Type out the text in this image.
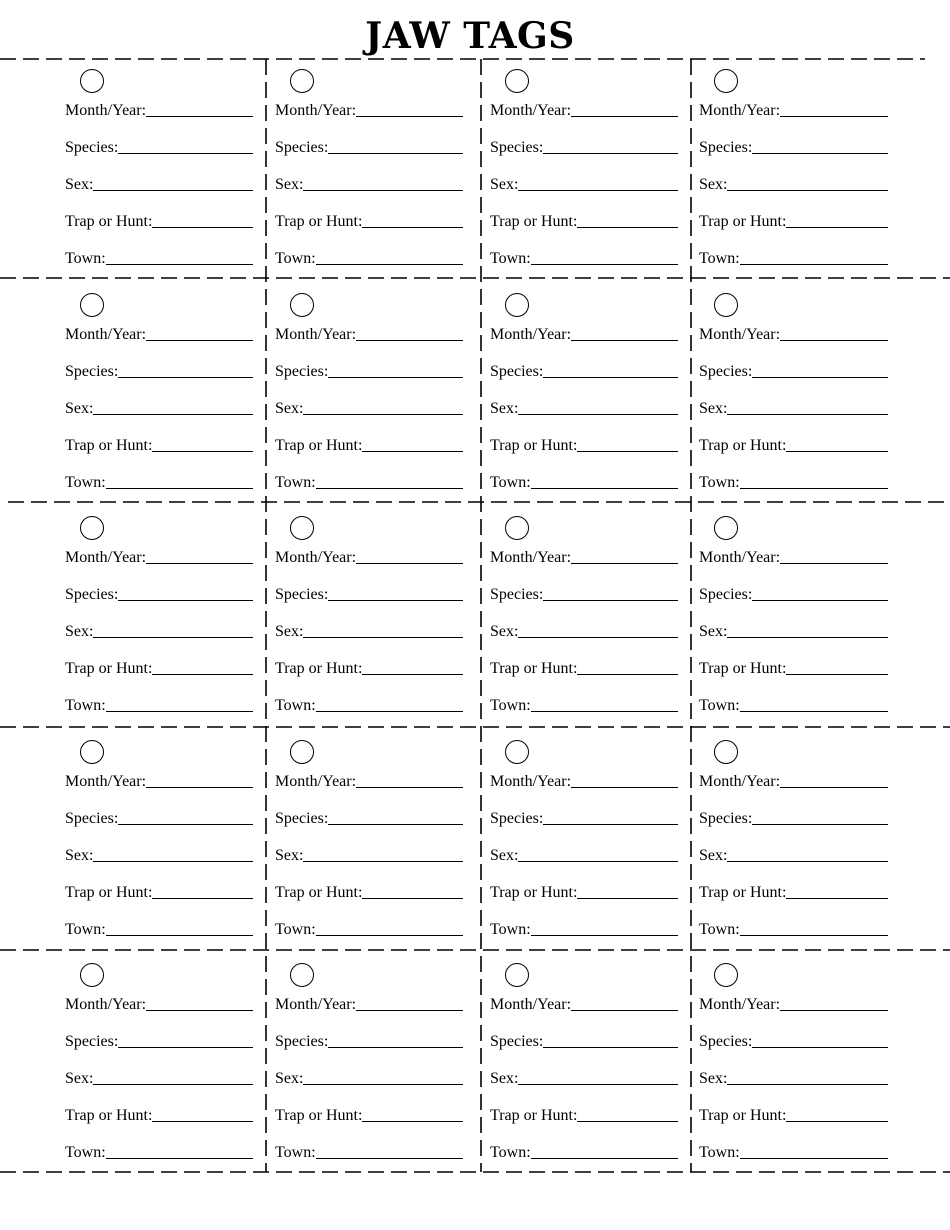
JAW TAGS
Month/Year:
Species:
Sex:
Trap or Hunt:
Town:
Month/Year:
Species:
Sex:
Trap or Hunt:
Town:
Month/Year:
Species:
Sex:
Trap or Hunt:
Town:
Month/Year:
Species:
Sex:
Trap or Hunt:
Town:
Month/Year:
Species:
Sex:
Trap or Hunt:
Town:
Month/Year:
Species:
Sex:
Trap or Hunt:
Town:
Month/Year:
Species:
Sex:
Trap or Hunt:
Town:
Month/Year:
Species:
Sex:
Trap or Hunt:
Town:
Month/Year:
Species:
Sex:
Trap or Hunt:
Town:
Month/Year:
Species:
Sex:
Trap or Hunt:
Town:
Month/Year:
Species:
Sex:
Trap or Hunt:
Town:
Month/Year:
Species:
Sex:
Trap or Hunt:
Town:
Month/Year:
Species:
Sex:
Trap or Hunt:
Town:
Month/Year:
Species:
Sex:
Trap or Hunt:
Town:
Month/Year:
Species:
Sex:
Trap or Hunt:
Town:
Month/Year:
Species:
Sex:
Trap or Hunt:
Town:
Month/Year:
Species:
Sex:
Trap or Hunt:
Town:
Month/Year:
Species:
Sex:
Trap or Hunt:
Town:
Month/Year:
Species:
Sex:
Trap or Hunt:
Town:
Month/Year:
Species:
Sex:
Trap or Hunt:
Town:
